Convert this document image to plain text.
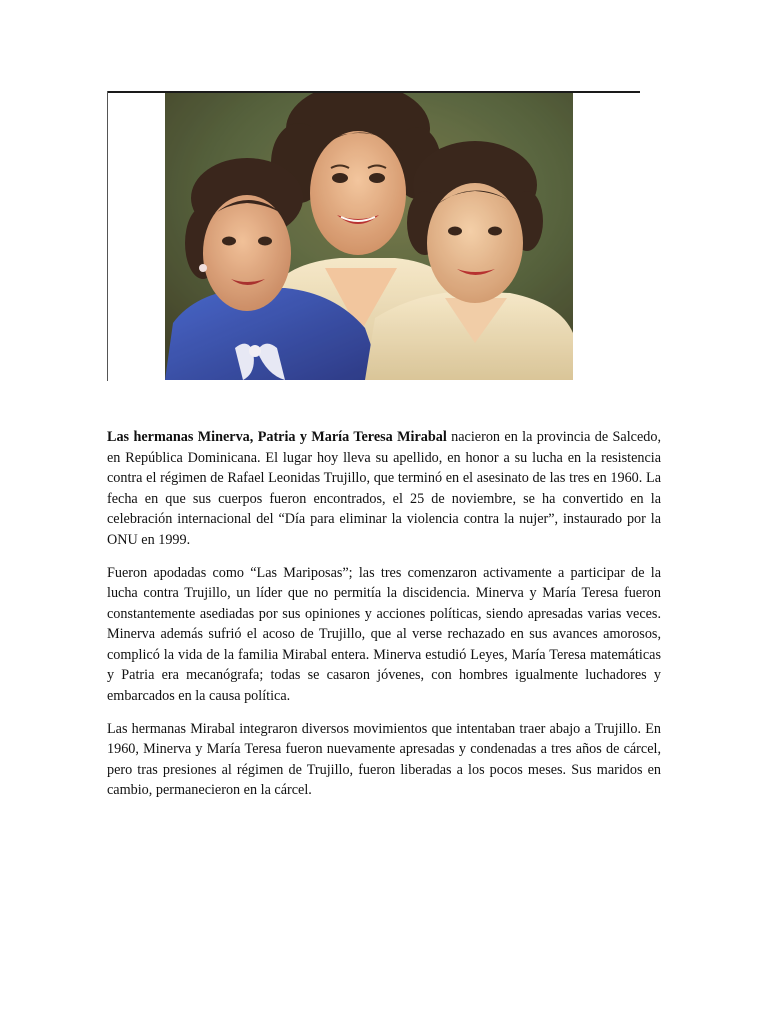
Las hermanas Minerva, Patria y María Teresa Mirabal nacieron en la provincia de Salcedo, en República Dominicana. El lugar hoy lleva su apellido, en honor a su lucha en la resistencia contra el régimen de Rafael Leonidas Trujillo, que terminó en el asesinato de las tres en 1960. La fecha en que sus cuerpos fueron encontrados, el 25 de noviembre, se ha convertido en la celebración internacional del “Día para eliminar la violencia contra la nujer”, instaurado por la ONU en 1999.

Fueron apodadas como “Las Mariposas”; las tres comenzaron activamente a participar de la lucha contra Trujillo, un líder que no permitía la discidencia. Minerva y María Teresa fueron constantemente asediadas por sus opiniones y acciones políticas, siendo apresadas varias veces. Minerva además sufrió el acoso de Trujillo, que al verse rechazado en sus avances amorosos, complicó la vida de la familia Mirabal entera. Minerva estudió Leyes, María Teresa matemáticas y Patria era mecanógrafa; todas se casaron jóvenes, con hombres igualmente luchadores y embarcados en la causa política.

Las hermanas Mirabal integraron diversos movimientos que intentaban traer abajo a Trujillo. En 1960, Minerva y María Teresa fueron nuevamente apresadas y condenadas a tres años de cárcel, pero tras presiones al régimen de Trujillo, fueron liberadas a los pocos meses. Sus maridos en cambio, permanecieron en la cárcel.
